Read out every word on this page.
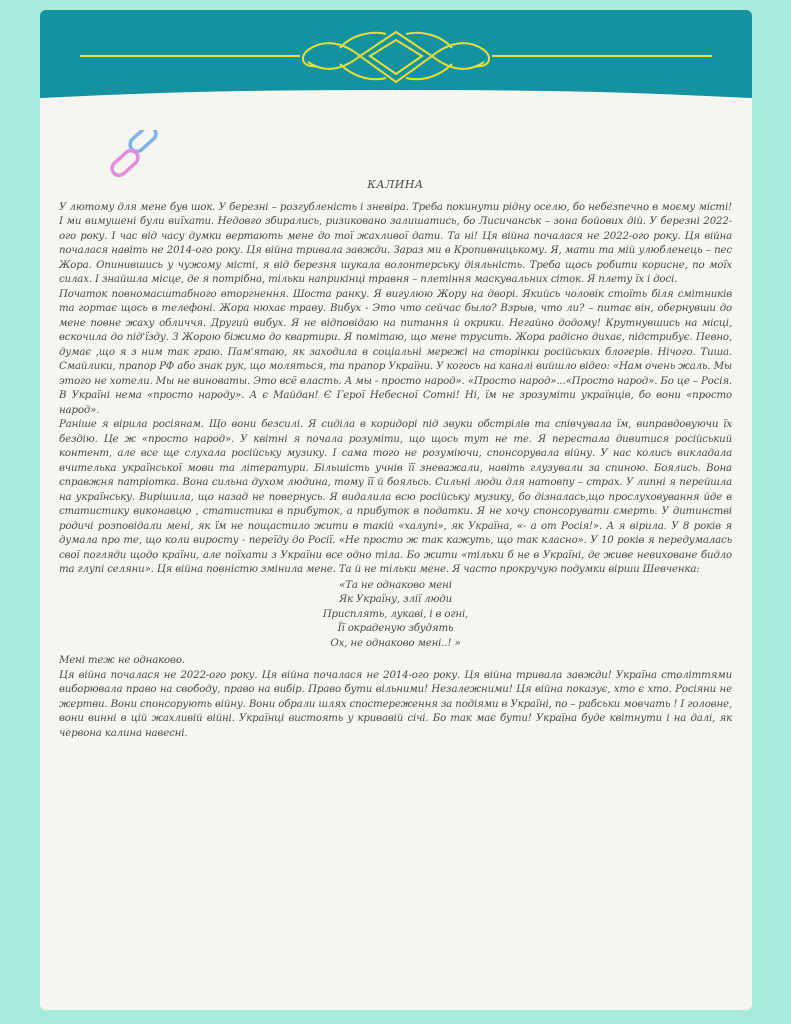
КАЛИНА

У лютому для мене був шок. У березні – розгубленість і зневіра. Треба покинути рідну оселю, бо небезпечно в моєму місті! І ми вимушені були виїхати. Недовго збирались, ризиковано залишатись, бо Лисичанськ – зона бойових дій. У березні 2022-ого року. І час від часу думки вертають мене до тої жахливої дати. Та ні! Ця війна почалася не 2022-ого року. Ця війна почалася навіть не 2014-ого року. Ця війна тривала завжди. Зараз ми в Кропивницькому. Я, мати та мій улюбленець – пес Жора. Опинившись у чужому місті, я від березня шукала волонтерську діяльність. Треба щось робити корисне, по моїх силах. І знайшла місце, де я потрібна, тільки наприкінці травня – плетіння маскувальних сіток. Я плету їх і досі.

Початок повномасштабного вторгнення. Шоста ранку. Я вигулюю Жору на дворі. Якийсь чоловік стоїть біля смітників та гортає щось в телефоні. Жора нюхає траву. Вибух - Это что сейчас было? Взрыв, что ли? – питає він, обернувши до мене повне жаху обличчя. Другий вибух. Я не відповідаю на питання й окрики. Негайно додому! Крутнувшись на місці, вскочила до під'їзду. З Жорою біжимо до квартири. Я помітаю, що мене трусить. Жора радісно дихає, підстрибує. Певно, думає ,що я з ним так граю. Пам'ятаю, як заходила в соціальні мережі на сторінки російських блогерів. Нічого. Тиша. Смайлики, прапор РФ або знак рук, що моляться, та прапор України. У когось на каналі вийшло відео: «Нам очень жаль. Мы этого не хотели. Мы не виноваты. Это всё власть. А мы - просто народ». «Просто народ»...«Просто народ». Бо це – Росія. В Україні нема «просто народу». А є Майдан! Є Герої Небесної Сотні! Ні, їм не зрозуміти українців, бо вони «просто народ».

Раніше я вірила росіянам. Що вони безсилі. Я сиділа в коридорі під звуки обстрілів та співчувала їм, виправдовуючи їх бездію. Це ж «просто народ». У квітні я почала розуміти, що щось тут не те. Я перестала дивитися російський контент, але все ще слухала російську музику. І сама того не розуміючи, спонсорувала війну. У нас колись викладала вчителька української мови та літератури. Більшість учнів її зневажали, навіть глузували за спиною. Боялись. Вона справжня патріотка. Вона сильна духом людина, тому її й бояльсь. Сильні люди для натовпу – страх. У липні я перейшла на українську. Вирішила, що назад не повернусь. Я видалила всю російську музику, бо дізналась,що прослуховування йде в статистику виконавцю , статистика в прибуток, а прибуток в податки. Я не хочу спонсорувати смерть. У дитинстві родичі розповідали мені, як їм не пощастило жити в такій «халупі», як Україна, «- а от Росія!». А я вірила. У 8 років я думала про те, що коли виросту - переїду до Росії. «Не просто ж так кажуть, що так класно». У 10 років я передумалась свої погляди щодо країни, але поїхати з України все одно тіла. Бо жити «тільки б не в Україні, де живе невиховане бидло та глупі селяни». Ця війна повністю змінила мене. Та й не тільки мене. Я часто прокручую подумки вірши Шевченка:

«Та не однаково мені
Як Україну, злії люди
Присплять, лукаві, і в огні,
Її окраденую збудять
Ох, не однаково мені..! »

Мені теж не однаково.

Ця війна почалася не 2022-ого року. Ця війна почалася не 2014-ого року. Ця війна тривала завжди! Україна століттями виборювала право на свободу, право на вибір. Право бути вільними! Незалежними! Ця війна показує, хто є хто. Росіяни не жертви. Вони спонсорують війну. Вони обрали шлях спостереження за подіями в Україні, по – рабськи мовчать ! І головне, вони винні в цій жахливій війні. Українці вистоять у кривавій січі. Бо так має бути! Україна буде квітнути і на далі, як червона калина навесні.
